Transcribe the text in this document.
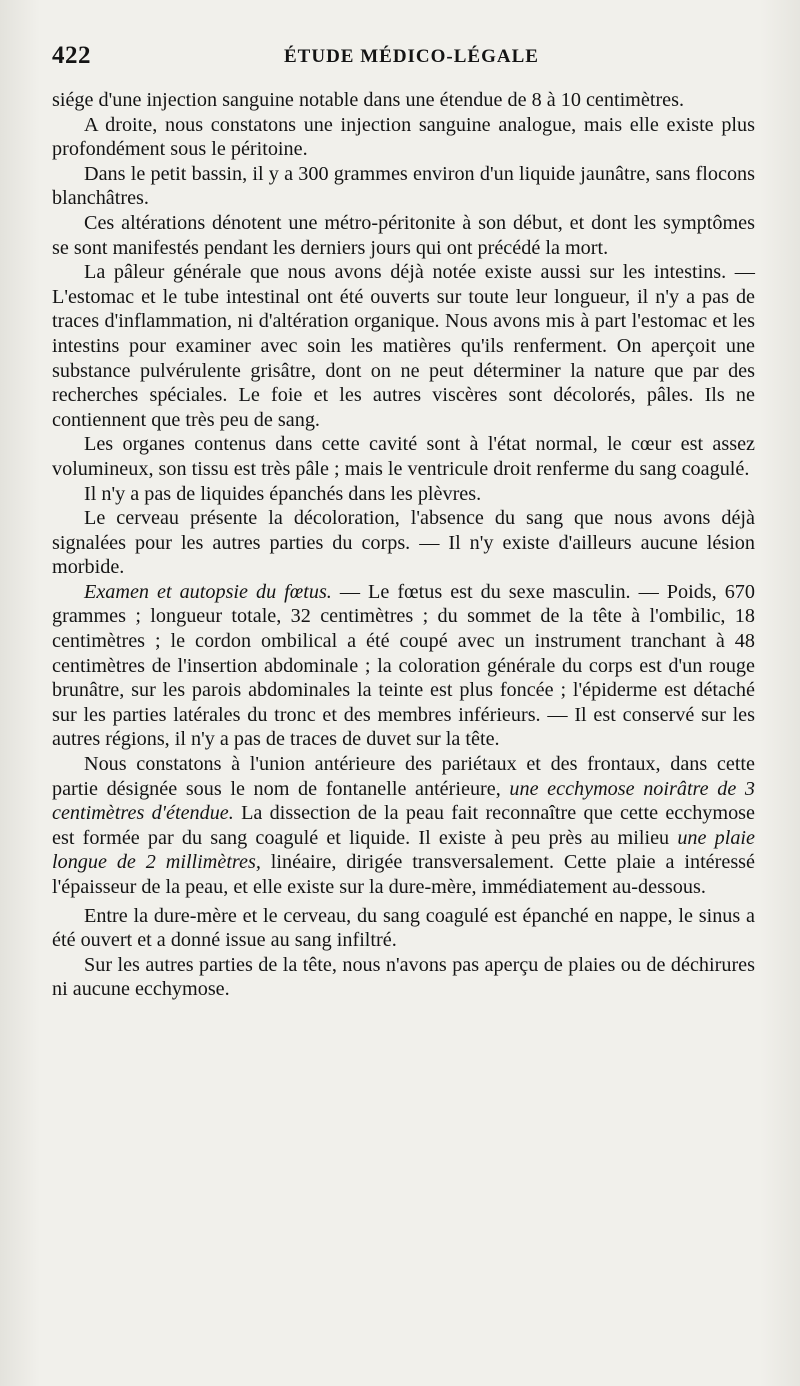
422	ÉTUDE MÉDICO-LÉGALE

siége d'une injection sanguine notable dans une étendue de 8 à 10 centimètres.

A droite, nous constatons une injection sanguine analogue, mais elle existe plus profondément sous le péritoine.

Dans le petit bassin, il y a 300 grammes environ d'un liquide jaunâtre, sans flocons blanchâtres.

Ces altérations dénotent une métro-péritonite à son début, et dont les symptômes se sont manifestés pendant les derniers jours qui ont précédé la mort.

La pâleur générale que nous avons déjà notée existe aussi sur les intestins. — L'estomac et le tube intestinal ont été ouverts sur toute leur longueur, il n'y a pas de traces d'inflammation, ni d'altération organique. Nous avons mis à part l'estomac et les intestins pour examiner avec soin les matières qu'ils renferment. On aperçoit une substance pulvérulente grisâtre, dont on ne peut déterminer la nature que par des recherches spéciales. Le foie et les autres viscères sont décolorés, pâles. Ils ne contiennent que très peu de sang.

Les organes contenus dans cette cavité sont à l'état normal, le cœur est assez volumineux, son tissu est très pâle ; mais le ventricule droit renferme du sang coagulé.

Il n'y a pas de liquides épanchés dans les plèvres.

Le cerveau présente la décoloration, l'absence du sang que nous avons déjà signalées pour les autres parties du corps. — Il n'y existe d'ailleurs aucune lésion morbide.

Examen et autopsie du fœtus. — Le fœtus est du sexe masculin. — Poids, 670 grammes ; longueur totale, 32 centimètres ; du sommet de la tête à l'ombilic, 18 centimètres ; le cordon ombilical a été coupé avec un instrument tranchant à 48 centimètres de l'insertion abdominale ; la coloration générale du corps est d'un rouge brunâtre, sur les parois abdominales la teinte est plus foncée ; l'épiderme est détaché sur les parties latérales du tronc et des membres inférieurs. — Il est conservé sur les autres régions, il n'y a pas de traces de duvet sur la tête.

Nous constatons à l'union antérieure des pariétaux et des frontaux, dans cette partie désignée sous le nom de fontanelle antérieure, une ecchymose noirâtre de 3 centimètres d'étendue. La dissection de la peau fait reconnaître que cette ecchymose est formée par du sang coagulé et liquide. Il existe à peu près au milieu une plaie longue de 2 millimètres, linéaire, dirigée transversalement. Cette plaie a intéressé l'épaisseur de la peau, et elle existe sur la dure-mère, immédiatement au-dessous.

Entre la dure-mère et le cerveau, du sang coagulé est épanché en nappe, le sinus a été ouvert et a donné issue au sang infiltré.

Sur les autres parties de la tête, nous n'avons pas aperçu de plaies ou de déchirures ni aucune ecchymose.
